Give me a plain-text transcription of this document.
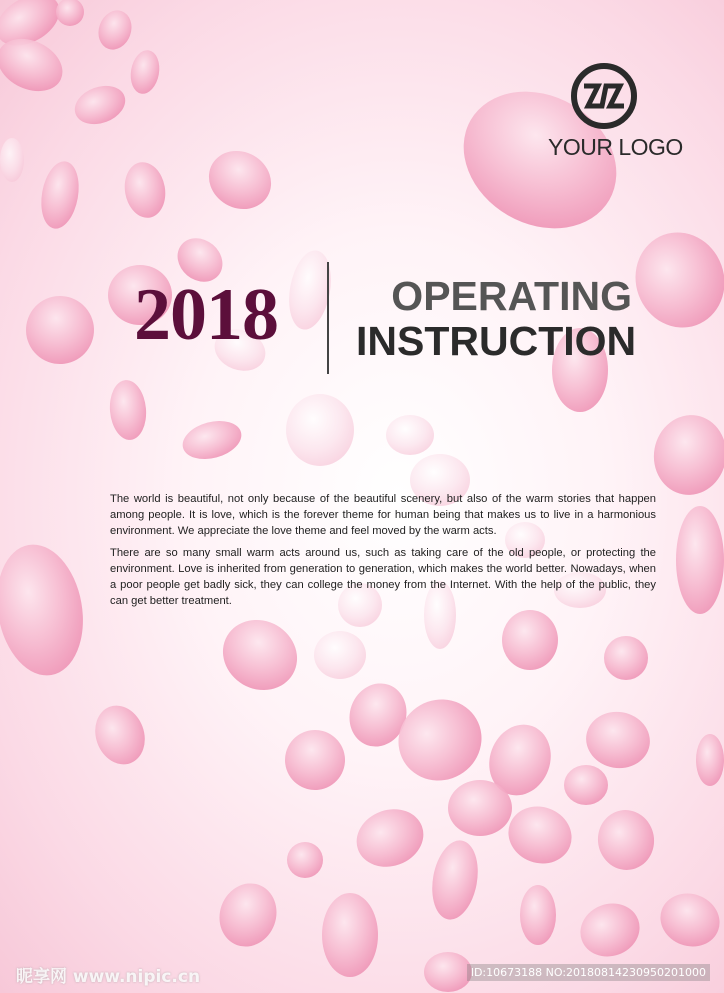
YOUR LOGO
2018	OPERATING
INSTRUCTION

The world is beautiful, not only because of the beautiful scenery, but also of the warm stories that happen among people. It is love, which is the forever theme for human being that makes us to live in a harmonious environment. We appreciate the love theme and feel moved by the warm acts.

There are so many small warm acts around us, such as taking care of the old people, or protecting the environment. Love is inherited from generation to generation, which makes the world better. Nowadays, when a poor people get badly sick, they can college the money from the Internet. With the help of the public, they can get better treatment.

昵享网 www.nipic.cn	ID:10673188 NO:20180814230950201000
